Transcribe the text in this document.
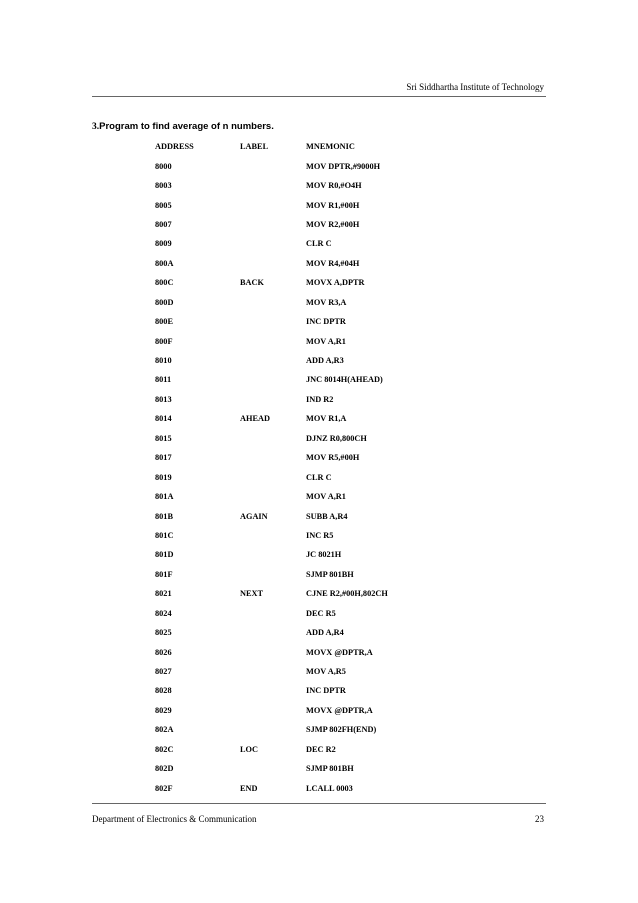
Sri Siddhartha Institute of Technology
3.Program to find average of n numbers.
ADDRESS	LABEL	MNEMONIC
8000		MOV DPTR,#9000H
8003		MOV R0,#O4H
8005		MOV R1,#00H
8007		MOV R2,#00H
8009		CLR C
800A		MOV R4,#04H
800C	BACK	MOVX A,DPTR
800D		MOV R3,A
800E		INC DPTR
800F		MOV A,R1
8010		ADD A,R3
8011		JNC 8014H(AHEAD)
8013		IND R2
8014	AHEAD	MOV R1,A
8015		DJNZ R0,800CH
8017		MOV R5,#00H
8019		CLR C
801A		MOV A,R1
801B	AGAIN	SUBB A,R4
801C		INC R5
801D		JC 8021H
801F		SJMP 801BH
8021	NEXT	CJNE R2,#00H,802CH
8024		DEC R5
8025		ADD A,R4
8026		MOVX @DPTR,A
8027		MOV A,R5
8028		INC DPTR
8029		MOVX @DPTR,A
802A		SJMP 802FH(END)
802C	LOC	DEC R2
802D		SJMP 801BH
802F	END	LCALL 0003
Department of Electronics & Communication	23
